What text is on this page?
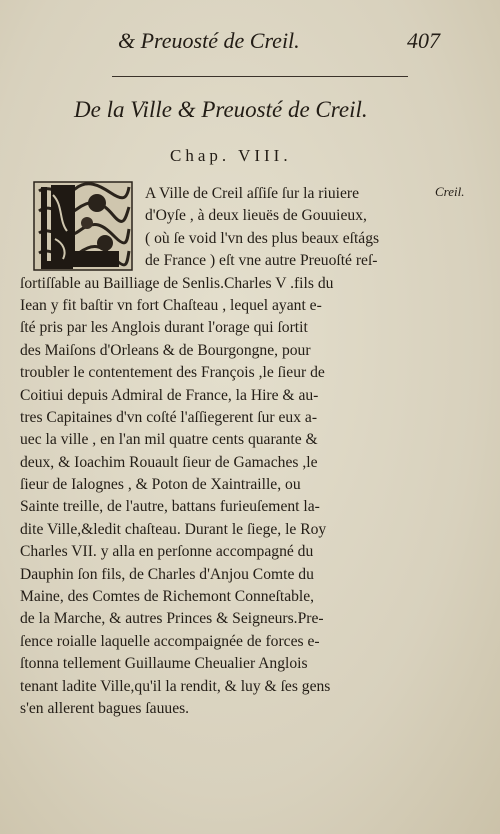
& Preuosté de Creil.	407
De la Ville & Preuosté de Creil.
Chap. VIII.
Creil.
A Ville de Creil aſſiſe ſur la riuiere
d'Oyſe , à deux lieuës de Gouuieux,
( où ſe void l'vn des plus beaux eſtágs
de France ) eſt vne autre Preuoſté reſ-
ſortiſſable au Bailliage de Senlis.Charles V .fils du
Iean y fit baſtir vn fort Chaſteau , lequel ayant e-
ſté pris par les Anglois durant l'orage qui ſortit
des Maiſons d'Orleans & de Bourgongne, pour
troubler le contentement des François ,le ſieur de
Coitiui depuis Admiral de France, la Hire & au-
tres Capitaines d'vn coſté l'aſſiegerent ſur eux a-
uec la ville , en l'an mil quatre cents quarante &
deux, & Ioachim Rouault ſieur de Gamaches ,le
ſieur de Ialognes , & Poton de Xaintraille, ou
Sainte treille, de l'autre, battans furieuſement la-
dite Ville,&ledit chaſteau. Durant le ſiege, le Roy
Charles VII. y alla en perſonne accompagné du
Dauphin ſon fils, de Charles d'Anjou Comte du
Maine, des Comtes de Richemont Conneſtable,
de la Marche, & autres Princes & Seigneurs.Pre-
ſence roialle laquelle accompaignée de forces e-
ſtonna tellement Guillaume Cheualier Anglois
tenant ladite Ville,qu'il la rendit, & luy & ſes gens
s'en allerent bagues ſauues.
